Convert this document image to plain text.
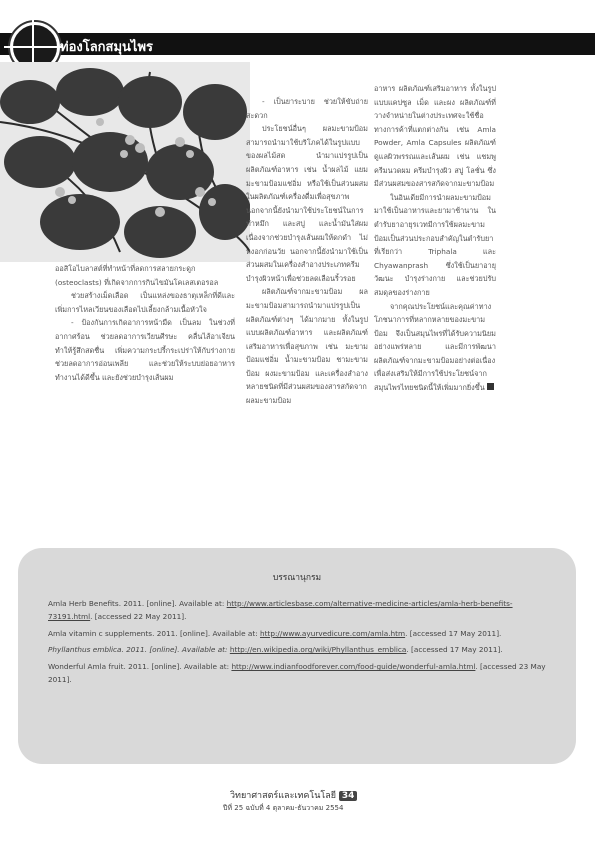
ท่องโลกสมุนไพร

ออสิโอไบลาสต์ที่ทำหน้าที่ลดการสลายกระดูก (osteoclasts) ที่เกิดจากการกินไขมันโคเลสเตอรอล

ช่วยสร้างเม็ดเลือด เป็นแหล่งของธาตุเหล็กที่ดีและเพิ่มการไหลเวียนของเลือดไปเลี้ยงกล้ามเนื้อหัวใจ

- ป้องกันการเกิดอาการหน้ามืด เป็นลม ในช่วงที่อากาศร้อน ช่วยลดอาการเวียนศีรษะ คลื่นไส้อาเจียน ทำให้รู้สึกสดชื่น เพิ่มความกระปรี้กระเปร่าให้กับร่างกาย ช่วยลดอาการอ่อนเพลีย และช่วยให้ระบบย่อยอาหารทำงานได้ดีขึ้น และยังช่วยบำรุงเส้นผม

- เป็นยาระบาย ช่วยให้ขับถ่ายสะดวก

ประโยชน์อื่นๆ ผลมะขามป้อมสามารถนำมาใช้บริโภคได้ในรูปแบบของผลไม้สด นำมาแปรรูปเป็นผลิตภัณฑ์อาหาร เช่น น้ำผลไม้ แยม มะขามป้อมแช่อิ่ม หรือใช้เป็นส่วนผสมในผลิตภัณฑ์เครื่องดื่มเพื่อสุขภาพ นอกจากนี้ยังนำมาใช้ประโยชน์ในการทำหมึก และสบู่ และน้ำมันใส่ผม เนื่องจากช่วยบำรุงเส้นผมให้ดกดำ ไม่หงอกก่อนวัย นอกจากนี้ยังนำมาใช้เป็นส่วนผสมในเครื่องสำอางประเภทครีมบำรุงผิวหน้าเพื่อช่วยลดเลือนริ้วรอย

ผลิตภัณฑ์จากมะขามป้อม ผลมะขามป้อมสามารถนำมาแปรรูปเป็นผลิตภัณฑ์ต่างๆ ได้มากมาย ทั้งในรูปแบบผลิตภัณฑ์อาหาร และผลิตภัณฑ์เสริมอาหารเพื่อสุขภาพ เช่น มะขามป้อมแช่อิ่ม น้ำมะขามป้อม ชามะขามป้อม ผงมะขามป้อม และเครื่องสำอางหลายชนิดที่มีส่วนผสมของสารสกัดจากผลมะขามป้อม

อาหาร ผลิตภัณฑ์เสริมอาหาร ทั้งในรูปแบบแคปซูล เม็ด และผง ผลิตภัณฑ์ที่วางจำหน่ายในต่างประเทศจะใช้ชื่อทางการค้าที่แตกต่างกัน เช่น Amla Powder, Amla Capsules ผลิตภัณฑ์ดูแลผิวพรรณและเส้นผม เช่น แชมพู ครีมนวดผม ครีมบำรุงผิว สบู่ โลชั่น ซึ่งมีส่วนผสมของสารสกัดจากมะขามป้อม

ในอินเดียมีการนำผลมะขามป้อมมาใช้เป็นอาหารและยามาช้านาน ในตำรับยาอายุรเวทมีการใช้ผลมะขามป้อมเป็นส่วนประกอบสำคัญในตำรับยาที่เรียกว่า Triphala และ Chyawanprash ซึ่งใช้เป็นยาอายุวัฒนะ บำรุงร่างกาย และช่วยปรับสมดุลของร่างกาย

จากคุณประโยชน์และคุณค่าทางโภชนาการที่หลากหลายของมะขามป้อม จึงเป็นสมุนไพรที่ได้รับความนิยมอย่างแพร่หลาย และมีการพัฒนาผลิตภัณฑ์จากมะขามป้อมอย่างต่อเนื่อง เพื่อส่งเสริมให้มีการใช้ประโยชน์จากสมุนไพรไทยชนิดนี้ให้เพิ่มมากยิ่งขึ้น

บรรณานุกรม

Amla Herb Benefits. 2011. [online]. Available at: http://www.articlesbase.com/alternative-medicine-articles/amla-herb-benefits-73191.html. [accessed 22 May 2011].

Amla vitamin c supplements. 2011. [online]. Available at: http://www.ayurvedicure.com/amla.htm. [accessed 17 May 2011].

Phyllanthus emblica. 2011. [online]. Available at: http://en.wikipedia.org/wiki/Phyllanthus_emblica. [accessed 17 May 2011].

Wonderful Amla fruit. 2011. [online]. Available at: http://www.indianfoodforever.com/food-guide/wonderful-amla.html. [accessed 23 May 2011].

วิทยาศาสตร์และเทคโนโลยี 34
ปีที่ 25 ฉบับที่ 4 ตุลาคม-ธันวาคม 2554
